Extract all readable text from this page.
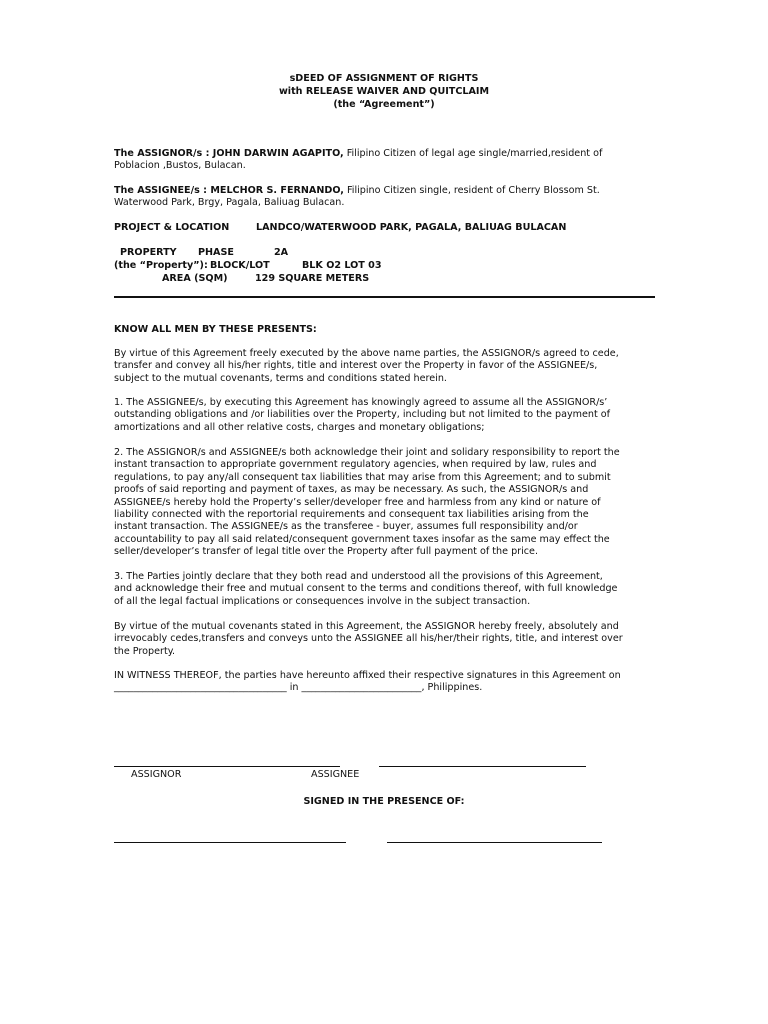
sDEED OF ASSIGNMENT OF RIGHTS
with RELEASE WAIVER AND QUITCLAIM
(the “Agreement”)
The ASSIGNOR/s : JOHN DARWIN AGAPITO, Filipino Citizen of legal age single/married,resident of
Poblacion ,Bustos, Bulacan.
The ASSIGNEE/s : MELCHOR S. FERNANDO, Filipino Citizen single, resident of Cherry Blossom St.
Waterwood Park, Brgy, Pagala, Baliuag Bulacan.
PROJECT & LOCATION	LANDCO/WATERWOOD PARK, PAGALA, BALIUAG BULACAN
PROPERTY PHASE	2A
(the “Property”): BLOCK/LOT	BLK O2 LOT 03
AREA (SQM)	129 SQUARE METERS
KNOW ALL MEN BY THESE PRESENTS:
By virtue of this Agreement freely executed by the above name parties, the ASSIGNOR/s agreed to cede,
transfer and convey all his/her rights, title and interest over the Property in favor of the ASSIGNEE/s,
subject to the mutual covenants, terms and conditions stated herein.
1. The ASSIGNEE/s, by executing this Agreement has knowingly agreed to assume all the ASSIGNOR/s’
outstanding obligations and /or liabilities over the Property, including but not limited to the payment of
amortizations and all other relative costs, charges and monetary obligations;
2. The ASSIGNOR/s and ASSIGNEE/s both acknowledge their joint and solidary responsibility to report the
instant transaction to appropriate government regulatory agencies, when required by law, rules and
regulations, to pay any/all consequent tax liabilities that may arise from this Agreement; and to submit
proofs of said reporting and payment of taxes, as may be necessary. As such, the ASSIGNOR/s and
ASSIGNEE/s hereby hold the Property’s seller/developer free and harmless from any kind or nature of
liability connected with the reportorial requirements and consequent tax liabilities arising from the
instant transaction. The ASSIGNEE/s as the transferee - buyer, assumes full responsibility and/or
accountability to pay all said related/consequent government taxes insofar as the same may effect the
seller/developer’s transfer of legal title over the Property after full payment of the price.
3. The Parties jointly declare that they both read and understood all the provisions of this Agreement,
and acknowledge their free and mutual consent to the terms and conditions thereof, with full knowledge
of all the legal factual implications or consequences involve in the subject transaction.
By virtue of the mutual covenants stated in this Agreement, the ASSIGNOR hereby freely, absolutely and
irrevocably cedes,transfers and conveys unto the ASSIGNEE all his/her/their rights, title, and interest over
the Property.
IN WITNESS THEREOF, the parties have hereunto affixed their respective signatures in this Agreement on
____________________________________ in _________________________, Philippines.
ASSIGNOR	ASSIGNEE
SIGNED IN THE PRESENCE OF:
